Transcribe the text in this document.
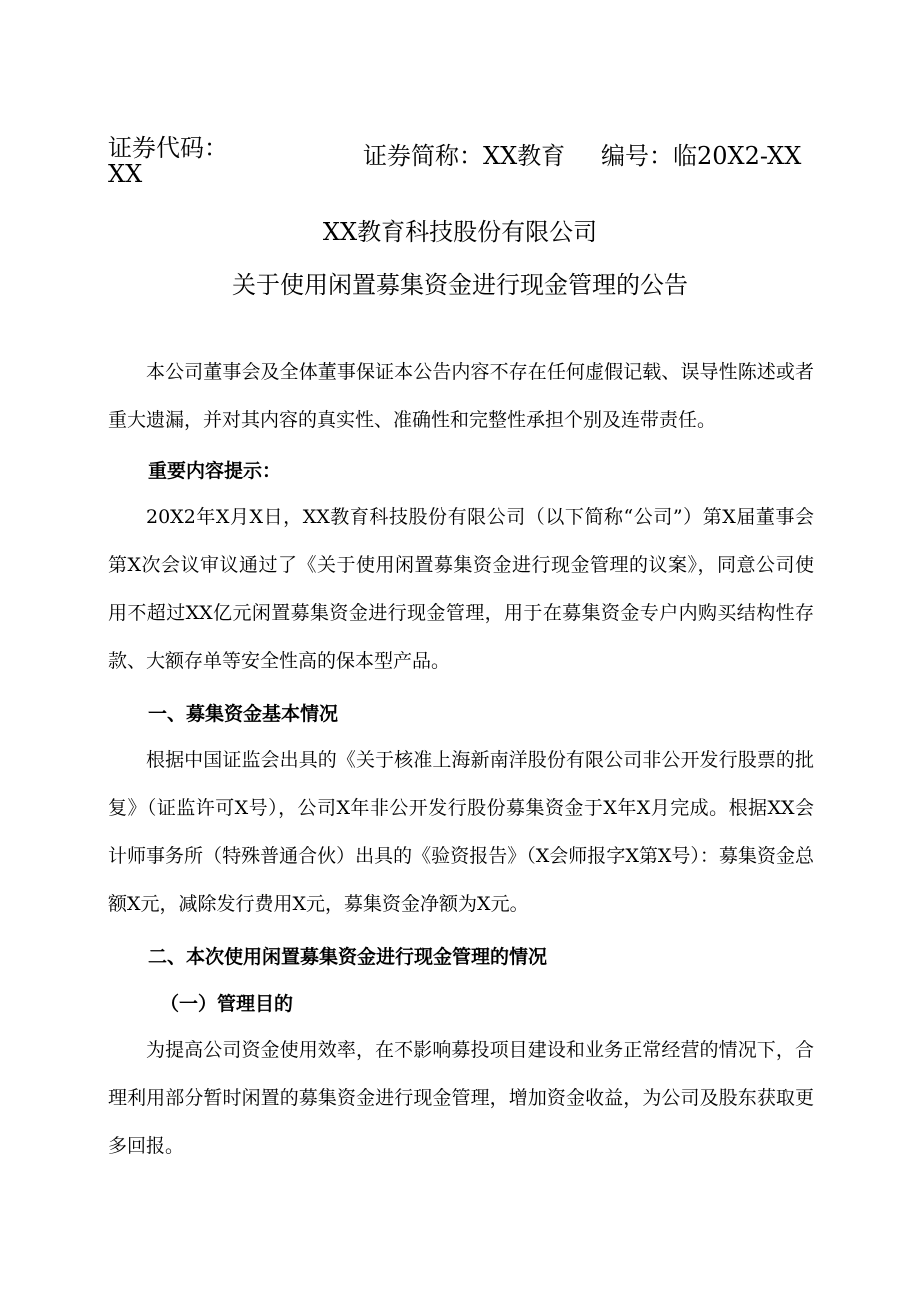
证券代码：
XX
证券简称：XX教育 编号：临20X2-XX
XX教育科技股份有限公司
关于使用闲置募集资金进行现金管理的公告
本公司董事会及全体董事保证本公告内容不存在任何虚假记载、误导性陈述或者重大遗漏，并对其内容的真实性、准确性和完整性承担个别及连带责任。
重要内容提示：
20X2年X月X日，XX教育科技股份有限公司（以下简称“公司”）第X届董事会第X次会议审议通过了《关于使用闲置募集资金进行现金管理的议案》，同意公司使用不超过XX亿元闲置募集资金进行现金管理，用于在募集资金专户内购买结构性存款、大额存单等安全性高的保本型产品。
一、募集资金基本情况
根据中国证监会出具的《关于核准上海新南洋股份有限公司非公开发行股票的批复》（证监许可X号），公司X年非公开发行股份募集资金于X年X月完成。根据XX会计师事务所（特殊普通合伙）出具的《验资报告》（X会师报字X第X号）：募集资金总额X元，减除发行费用X元，募集资金净额为X元。
二、本次使用闲置募集资金进行现金管理的情况
（一）管理目的
为提高公司资金使用效率，在不影响募投项目建设和业务正常经营的情况下，合理利用部分暂时闲置的募集资金进行现金管理，增加资金收益，为公司及股东获取更多回报。
